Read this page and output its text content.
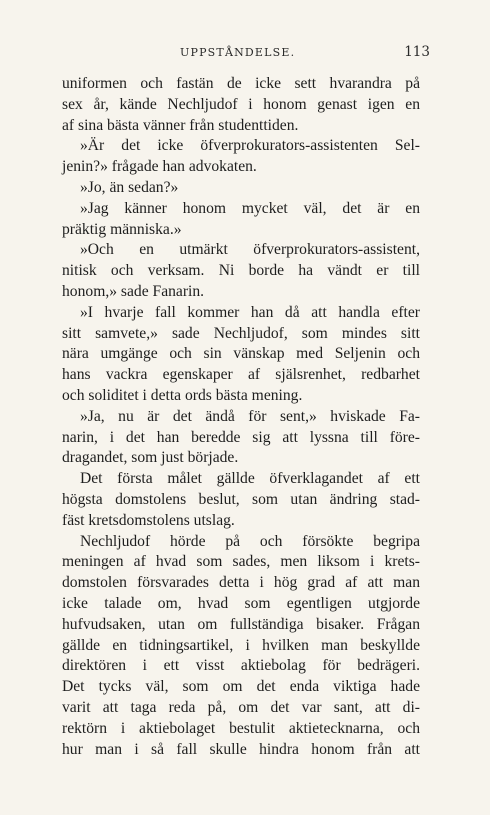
UPPSTÅNDELSE.	113
uniformen och fastän de icke sett hvarandra på
sex år, kände Nechljudof i honom genast igen en
af sina bästa vänner från studenttiden.
»Är det icke öfverprokurators-assistenten Sel-
jenin?» frågade han advokaten.
»Jo, än sedan?»
»Jag känner honom mycket väl, det är en
präktig människa.»
»Och en utmärkt öfverprokurators-assistent,
nitisk och verksam. Ni borde ha vändt er till
honom,» sade Fanarin.
»I hvarje fall kommer han då att handla efter
sitt samvete,» sade Nechljudof, som mindes sitt
nära umgänge och sin vänskap med Seljenin och
hans vackra egenskaper af själsrenhet, redbarhet
och soliditet i detta ords bästa mening.
»Ja, nu är det ändå för sent,» hviskade Fa-
narin, i det han beredde sig att lyssna till före-
dragandet, som just började.
Det första målet gällde öfverklagandet af ett
högsta domstolens beslut, som utan ändring stad-
fäst kretsdomstolens utslag.
Nechljudof hörde på och försökte begripa
meningen af hvad som sades, men liksom i krets-
domstolen försvarades detta i hög grad af att man
icke talade om, hvad som egentligen utgjorde
hufvudsaken, utan om fullständiga bisaker. Frågan
gällde en tidningsartikel, i hvilken man beskyllde
direktören i ett visst aktiebolag för bedrägeri.
Det tycks väl, som om det enda viktiga hade
varit att taga reda på, om det var sant, att di-
rektörn i aktiebolaget bestulit aktietecknarna, och
hur man i så fall skulle hindra honom från att
